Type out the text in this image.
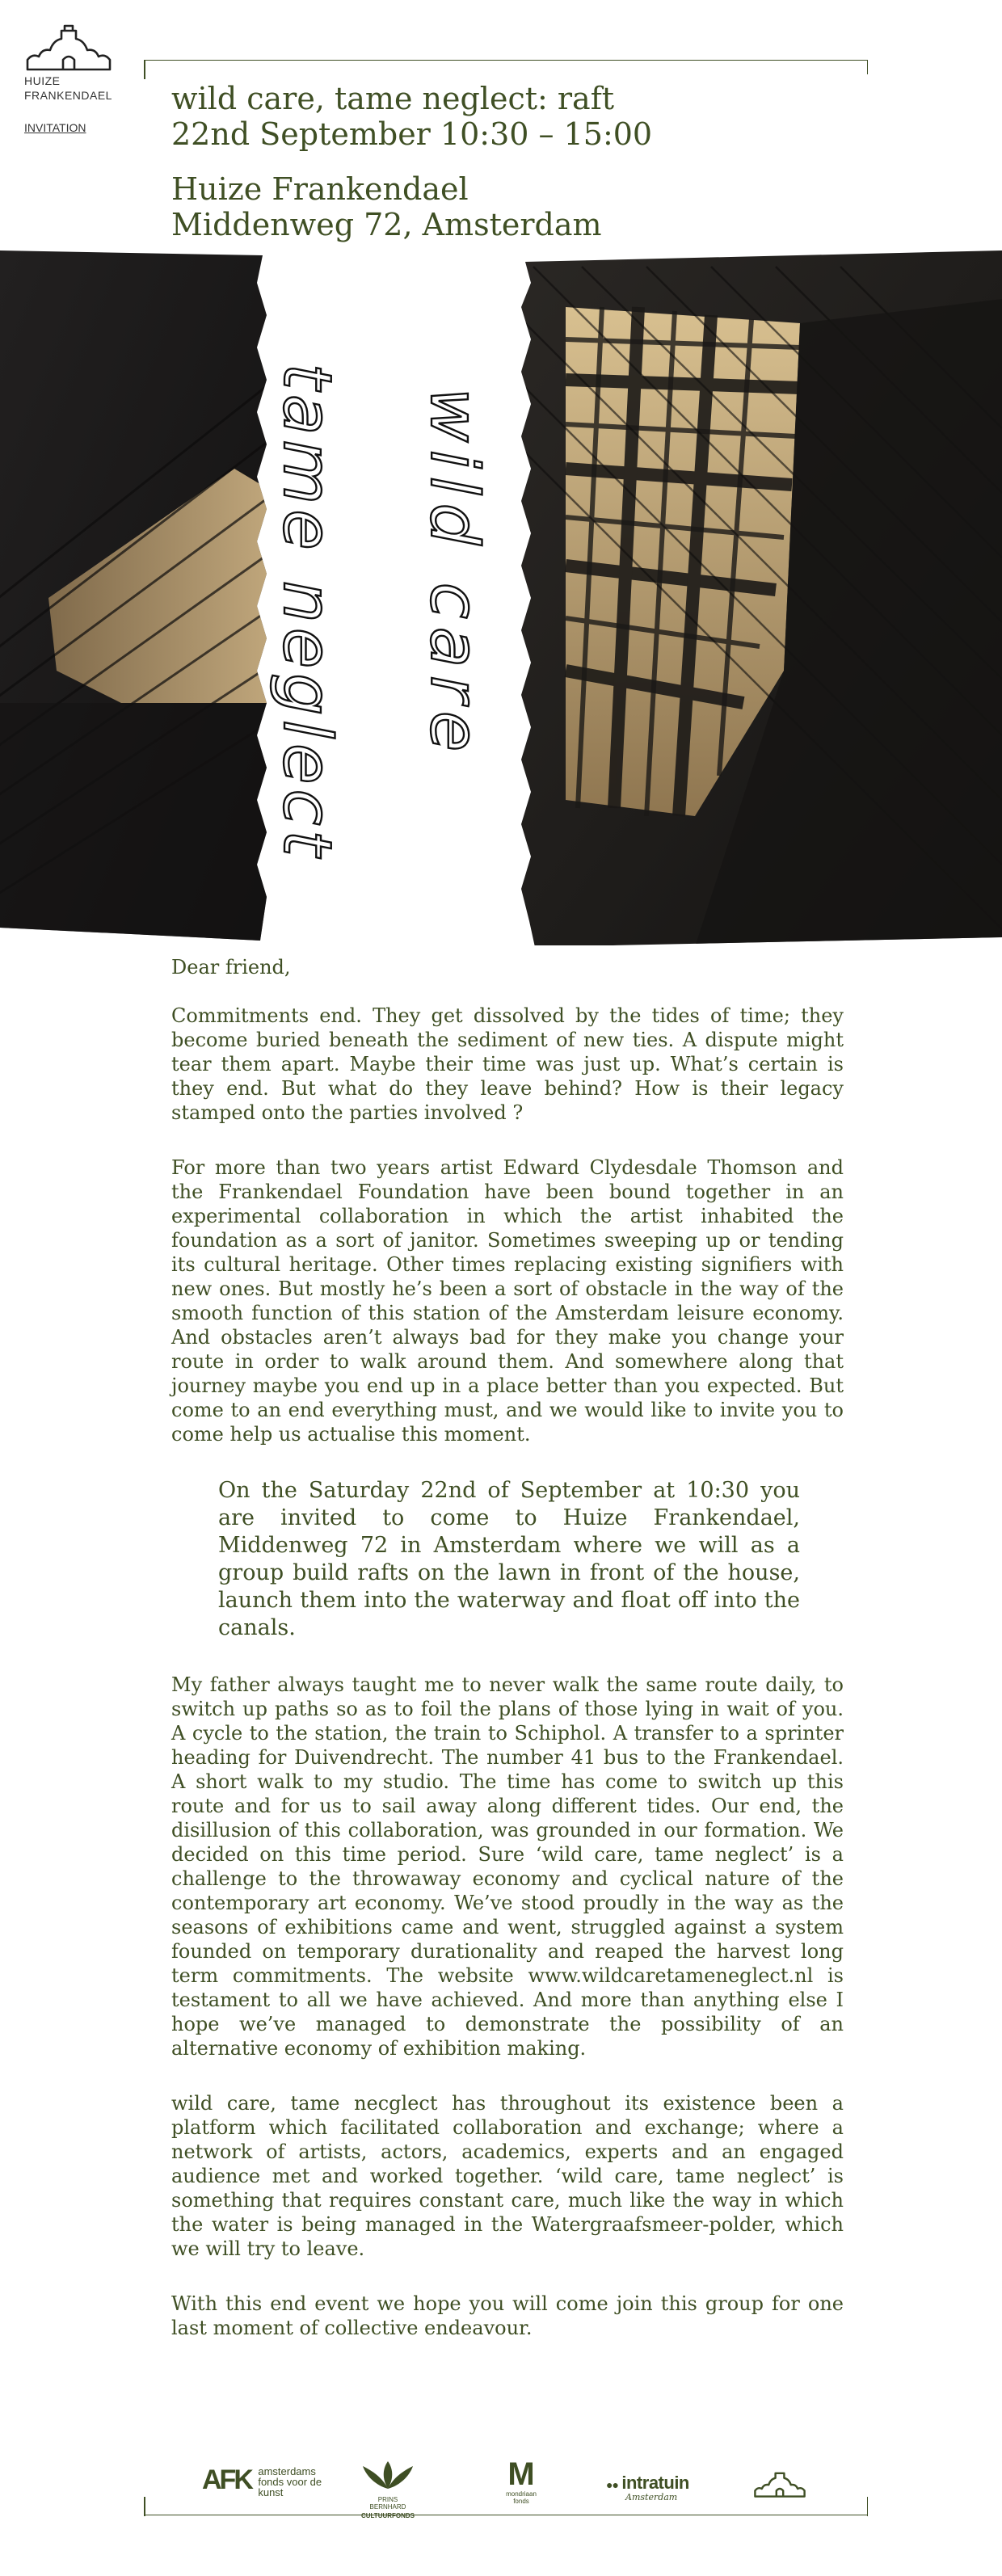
HUIZE
FRANKENDAEL
INVITATION
wild care, tame neglect: raft
22nd September 10:30 – 15:00
Huize Frankendael
Middenweg 72, Amsterdam
tame neglect wild care

Dear friend,

Commitments end. They get dissolved by the tides of time; they become buried beneath the sediment of new ties. A dispute might tear them apart. Maybe their time was just up. What’s certain is they end. But what do they leave behind? How is their legacy stamped onto the parties involved ?

For more than two years artist Edward Clydesdale Thomson and the Frankendael Foundation have been bound together in an experimental collaboration in which the artist inhabited the foundation as a sort of janitor. Sometimes sweeping up or tending its cultural heritage. Other times replacing existing signifiers with new ones. But mostly he’s been a sort of obstacle in the way of the smooth function of this station of the Amsterdam leisure economy. And obstacles aren’t always bad for they make you change your route in order to walk around them. And somewhere along that journey maybe you end up in a place better than you expected. But come to an end everything must, and we would like to invite you to come help us actualise this moment.

On the Saturday 22nd of September at 10:30 you are invited to come to Huize Frankendael, Middenweg 72 in Amsterdam where we will as a group build rafts on the lawn in front of the house, launch them into the waterway and float off into the canals.

My father always taught me to never walk the same route daily, to switch up paths so as to foil the plans of those lying in wait of you. A cycle to the station, the train to Schiphol. A transfer to a sprinter heading for Duivendrecht. The number 41 bus to the Frankendael. A short walk to my studio. The time has come to switch up this route and for us to sail away along different tides. Our end, the disillusion of this collaboration, was grounded in our formation. We decided on this time period. Sure ‘wild care, tame neglect’ is a challenge to the throwaway economy and cyclical nature of the contemporary art economy. We’ve stood proudly in the way as the seasons of exhibitions came and went, struggled against a system founded on temporary durationality and reaped the harvest long term commitments. The website www.wildcaretameneglect.nl is testament to all we have achieved. And more than anything else I hope we’ve managed to demonstrate the possibility of an alternative economy of exhibition making.

wild care, tame necglect has throughout its existence been a platform which facilitated collaboration and exchange; where a network of artists, actors, academics, experts and an engaged audience met and worked together. ‘wild care, tame neglect’ is something that requires constant care, much like the way in which the water is being managed in the Watergraafsmeer-polder, which we will try to leave.

With this end event we hope you will come join this group for one last moment of collective endeavour.

AFK amsterdams
fonds voor de
kunst
PRINS BERNHARD
CULTUURFONDS
M
mondriaan
fonds
●● intratuin
Amsterdam
